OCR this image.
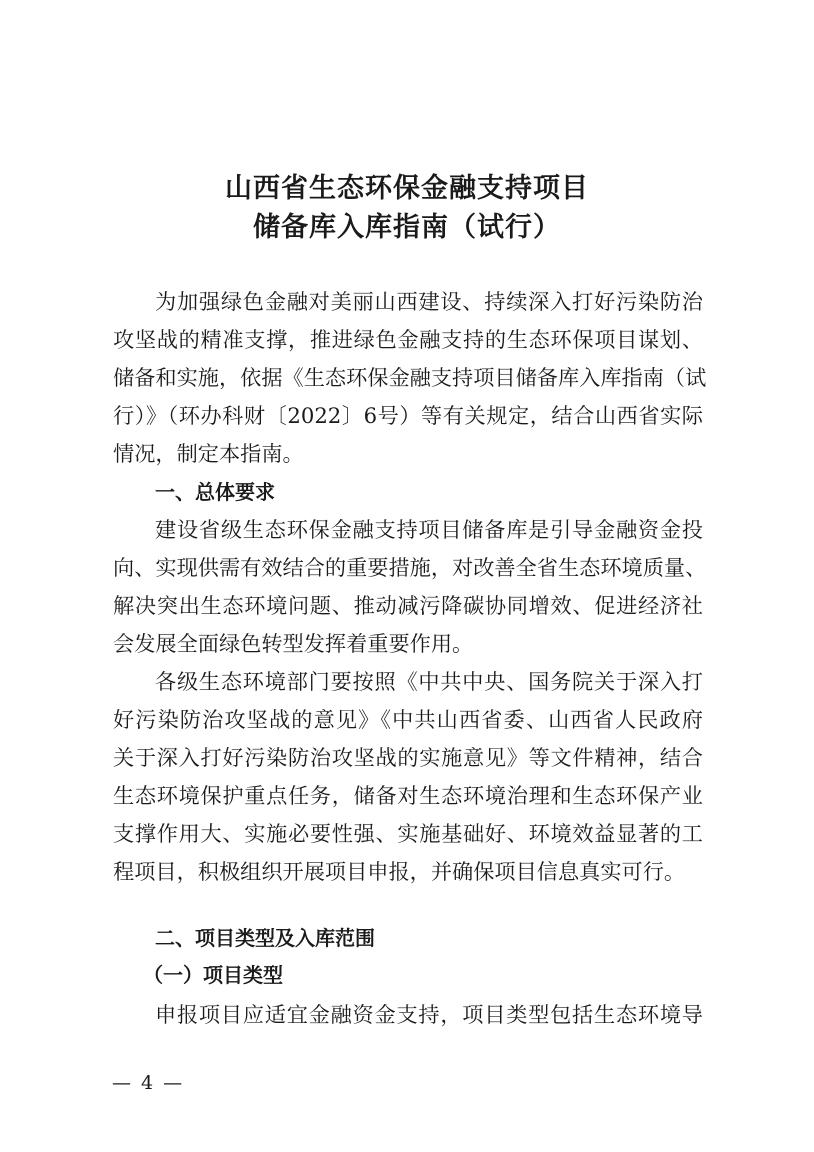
山西省生态环保金融支持项目
储备库入库指南（试行）
为加强绿色金融对美丽山西建设、持续深入打好污染防治
攻坚战的精准支撑，推进绿色金融支持的生态环保项目谋划、
储备和实施，依据《生态环保金融支持项目储备库入库指南（试
行）》（环办科财〔2022〕6号）等有关规定，结合山西省实际
情况，制定本指南。
一、总体要求
建设省级生态环保金融支持项目储备库是引导金融资金投
向、实现供需有效结合的重要措施，对改善全省生态环境质量、
解决突出生态环境问题、推动减污降碳协同增效、促进经济社
会发展全面绿色转型发挥着重要作用。
各级生态环境部门要按照《中共中央、国务院关于深入打
好污染防治攻坚战的意见》《中共山西省委、山西省人民政府
关于深入打好污染防治攻坚战的实施意见》等文件精神，结合
生态环境保护重点任务，储备对生态环境治理和生态环保产业
支撑作用大、实施必要性强、实施基础好、环境效益显著的工
程项目，积极组织开展项目申报，并确保项目信息真实可行。
二、项目类型及入库范围
（一）项目类型
申报项目应适宜金融资金支持，项目类型包括生态环境导
— 4 —
